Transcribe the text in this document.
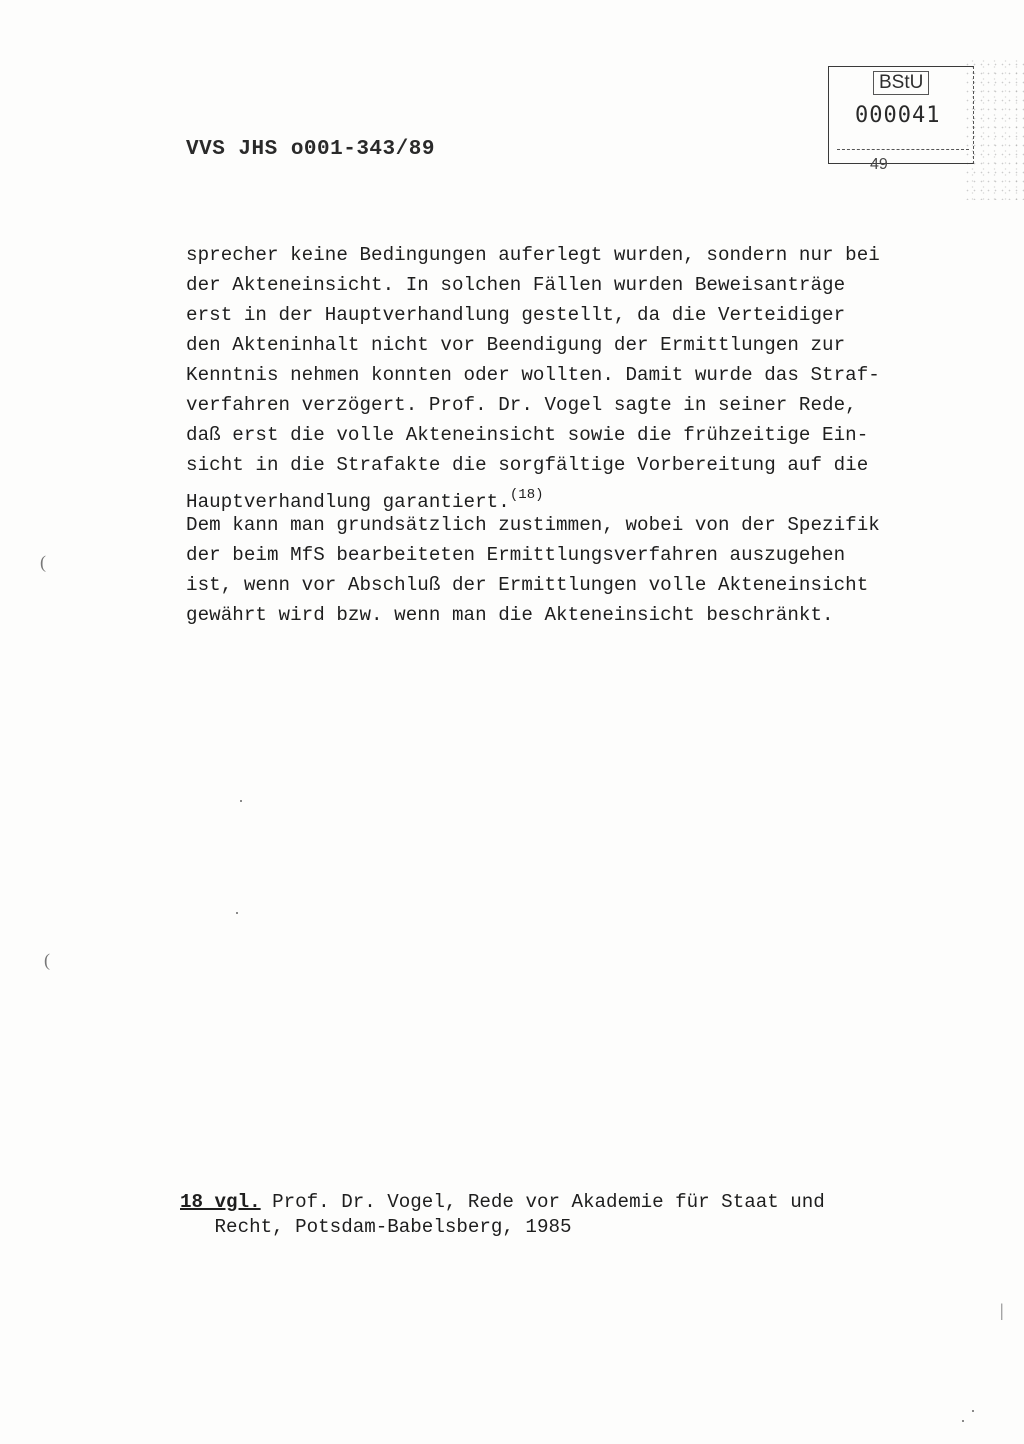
VVS JHS o001-343/89
BStU
000041
49
sprecher keine Bedingungen auferlegt wurden, sondern nur bei
der Akteneinsicht. In solchen Fällen wurden Beweisanträge
erst in der Hauptverhandlung gestellt, da die Verteidiger
den Akteninhalt nicht vor Beendigung der Ermittlungen zur
Kenntnis nehmen konnten oder wollten. Damit wurde das Straf-
verfahren verzögert. Prof. Dr. Vogel sagte in seiner Rede,
daß erst die volle Akteneinsicht sowie die frühzeitige Ein-
sicht in die Strafakte die sorgfältige Vorbereitung auf die
Hauptverhandlung garantiert.$^{(18)}$
Dem kann man grundsätzlich zustimmen, wobei von der Spezifik
der beim MfS bearbeiteten Ermittlungsverfahren auszugehen
ist, wenn vor Abschluß der Ermittlungen volle Akteneinsicht
gewährt wird bzw. wenn man die Akteneinsicht beschränkt.
18 vgl. Prof. Dr. Vogel, Rede vor Akademie für Staat und
Recht, Potsdam-Babelsberg, 1985
(
(
|
